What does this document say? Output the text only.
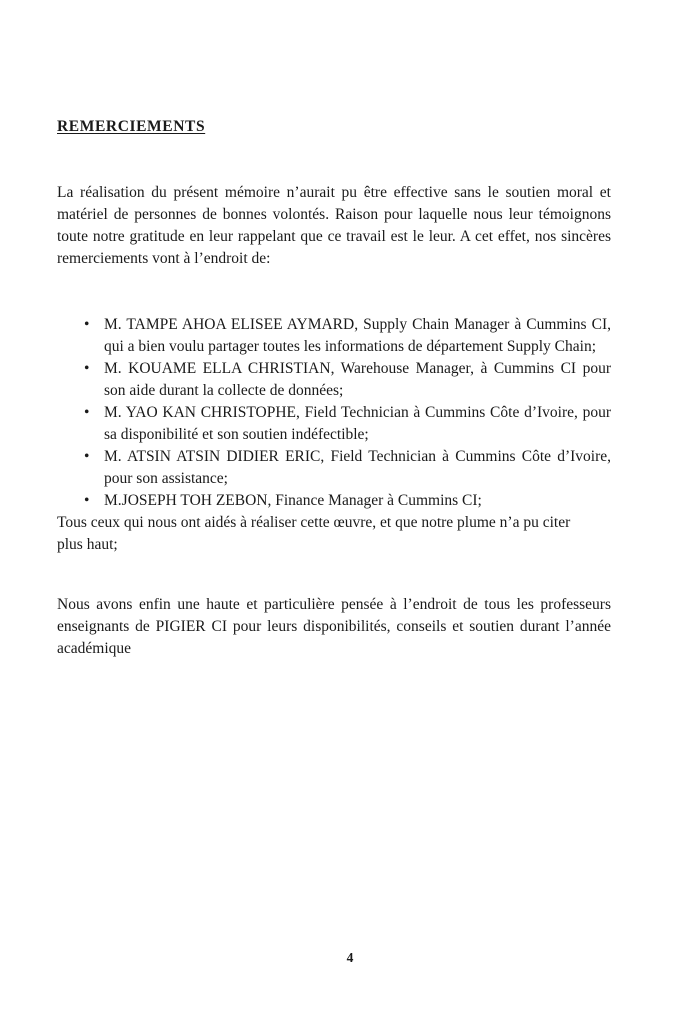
REMERCIEMENTS

La réalisation du présent mémoire n’aurait pu être effective sans le soutien moral et matériel de personnes de bonnes volontés. Raison pour laquelle nous leur témoignons toute notre gratitude en leur rappelant que ce travail est le leur. A cet effet, nos sincères remerciements vont à l’endroit de:

• M. TAMPE AHOA ELISEE AYMARD, Supply Chain Manager à Cummins CI, qui a bien voulu partager toutes les informations de département Supply Chain;
• M. KOUAME ELLA CHRISTIAN, Warehouse Manager, à Cummins CI pour son aide durant la collecte de données;
• M. YAO KAN CHRISTOPHE, Field Technician à Cummins Côte d’Ivoire, pour sa disponibilité et son soutien indéfectible;
• M. ATSIN ATSIN DIDIER ERIC, Field Technician à Cummins Côte d’Ivoire, pour son assistance;
• M.JOSEPH TOH ZEBON, Finance Manager à Cummins CI;

Tous ceux qui nous ont aidés à réaliser cette œuvre, et que notre plume n’a pu citer plus haut;

Nous avons enfin une haute et particulière pensée à l’endroit de tous les professeurs enseignants de PIGIER CI pour leurs disponibilités, conseils et soutien durant l’année académique

4
